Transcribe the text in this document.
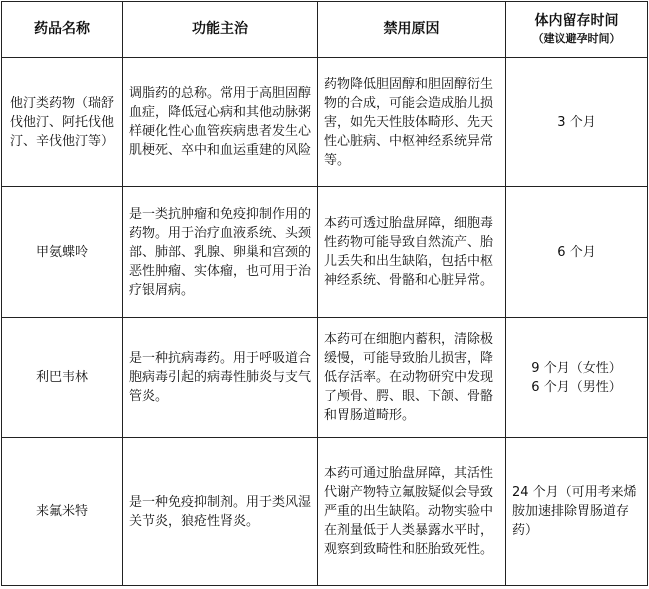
药品名称	功能主治	禁用原因	体内留存时间
（建议避孕时间）

他汀类药物（瑞舒伐他汀、阿托伐他汀、辛伐他汀等）	调脂药的总称。常用于高胆固醇血症，降低冠心病和其他动脉粥样硬化性心血管疾病患者发生心肌梗死、卒中和血运重建的风险	药物降低胆固醇和胆固醇衍生物的合成，可能会造成胎儿损害，如先天性肢体畸形、先天性心脏病、中枢神经系统异常等。	3 个月
甲氨蝶呤	是一类抗肿瘤和免疫抑制作用的药物。用于治疗血液系统、头颈部、肺部、乳腺、卵巢和宫颈的恶性肿瘤、实体瘤，也可用于治疗银屑病。	本药可透过胎盘屏障，细胞毒性药物可能导致自然流产、胎儿丢失和出生缺陷，包括中枢神经系统、骨骼和心脏异常。	6 个月
利巴韦林	是一种抗病毒药。用于呼吸道合胞病毒引起的病毒性肺炎与支气管炎。	本药可在细胞内蓄积，清除极缓慢，可能导致胎儿损害，降低存活率。在动物研究中发现了颅骨、腭、眼、下颌、骨骼和胃肠道畸形。	9 个月（女性）
6 个月（男性）

来氟米特	是一种免疫抑制剂。用于类风湿关节炎，狼疮性肾炎。	本药可通过胎盘屏障，其活性代谢产物特立氟胺疑似会导致严重的出生缺陷。动物实验中在剂量低于人类暴露水平时，观察到致畸性和胚胎致死性。	24 个月（可用考来烯胺加速排除胃肠道存药）
